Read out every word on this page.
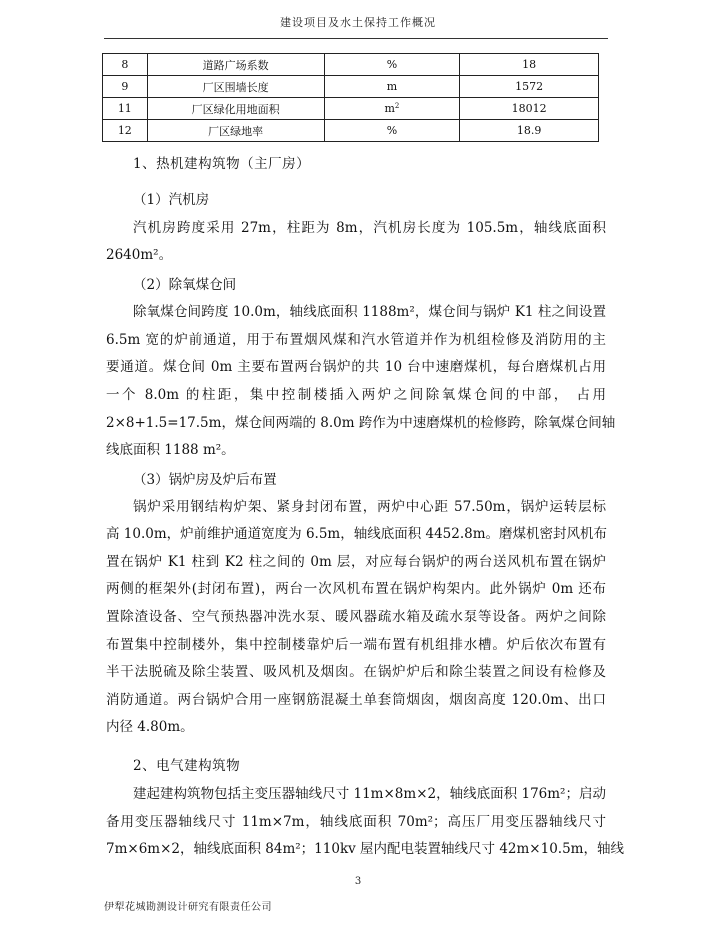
建设项目及水土保持工作概况
8	道路广场系数	%	18
9	厂区围墙长度	m	1572
11	厂区绿化用地面积	$m^2$	18012
12	厂区绿地率	%	18.9
1、热机建构筑物（主厂房）
（1）汽机房
汽机房跨度采用 27m，柱距为 8m，汽机房长度为 105.5m，轴线底面积
2640m²。
（2）除氧煤仓间
除氧煤仓间跨度 10.0m，轴线底面积 1188m²，煤仓间与锅炉 K1 柱之间设置
6.5m 宽的炉前通道，用于布置烟风煤和汽水管道并作为机组检修及消防用的主
要通道。煤仓间 0m 主要布置两台锅炉的共 10 台中速磨煤机，每台磨煤机占用
一个 8.0m 的柱距，集中控制楼插入两炉之间除氧煤仓间的中部， 占用
2×8+1.5=17.5m，煤仓间两端的 8.0m 跨作为中速磨煤机的检修跨，除氧煤仓间轴
线底面积 1188 m²。
（3）锅炉房及炉后布置
锅炉采用钢结构炉架、紧身封闭布置，两炉中心距 57.50m，锅炉运转层标
高 10.0m，炉前维护通道宽度为 6.5m，轴线底面积 4452.8m。磨煤机密封风机布
置在锅炉 K1 柱到 K2 柱之间的 0m 层，对应每台锅炉的两台送风机布置在锅炉
两侧的框架外(封闭布置)，两台一次风机布置在锅炉构架内。此外锅炉 0m 还布
置除渣设备、空气预热器冲洗水泵、暖风器疏水箱及疏水泵等设备。两炉之间除
布置集中控制楼外，集中控制楼靠炉后一端布置有机组排水槽。炉后依次布置有
半干法脱硫及除尘装置、吸风机及烟囱。在锅炉炉后和除尘装置之间设有检修及
消防通道。两台锅炉合用一座钢筋混凝土单套筒烟囱，烟囱高度 120.0m、出口
内径 4.80m。
2、电气建构筑物
建起建构筑物包括主变压器轴线尺寸 11m×8m×2，轴线底面积 176m²；启动
备用变压器轴线尺寸 11m×7m，轴线底面积 70m²；高压厂用变压器轴线尺寸
7m×6m×2，轴线底面积 84m²；110kv 屋内配电装置轴线尺寸 42m×10.5m，轴线
3
伊犁花城勘测设计研究有限责任公司
